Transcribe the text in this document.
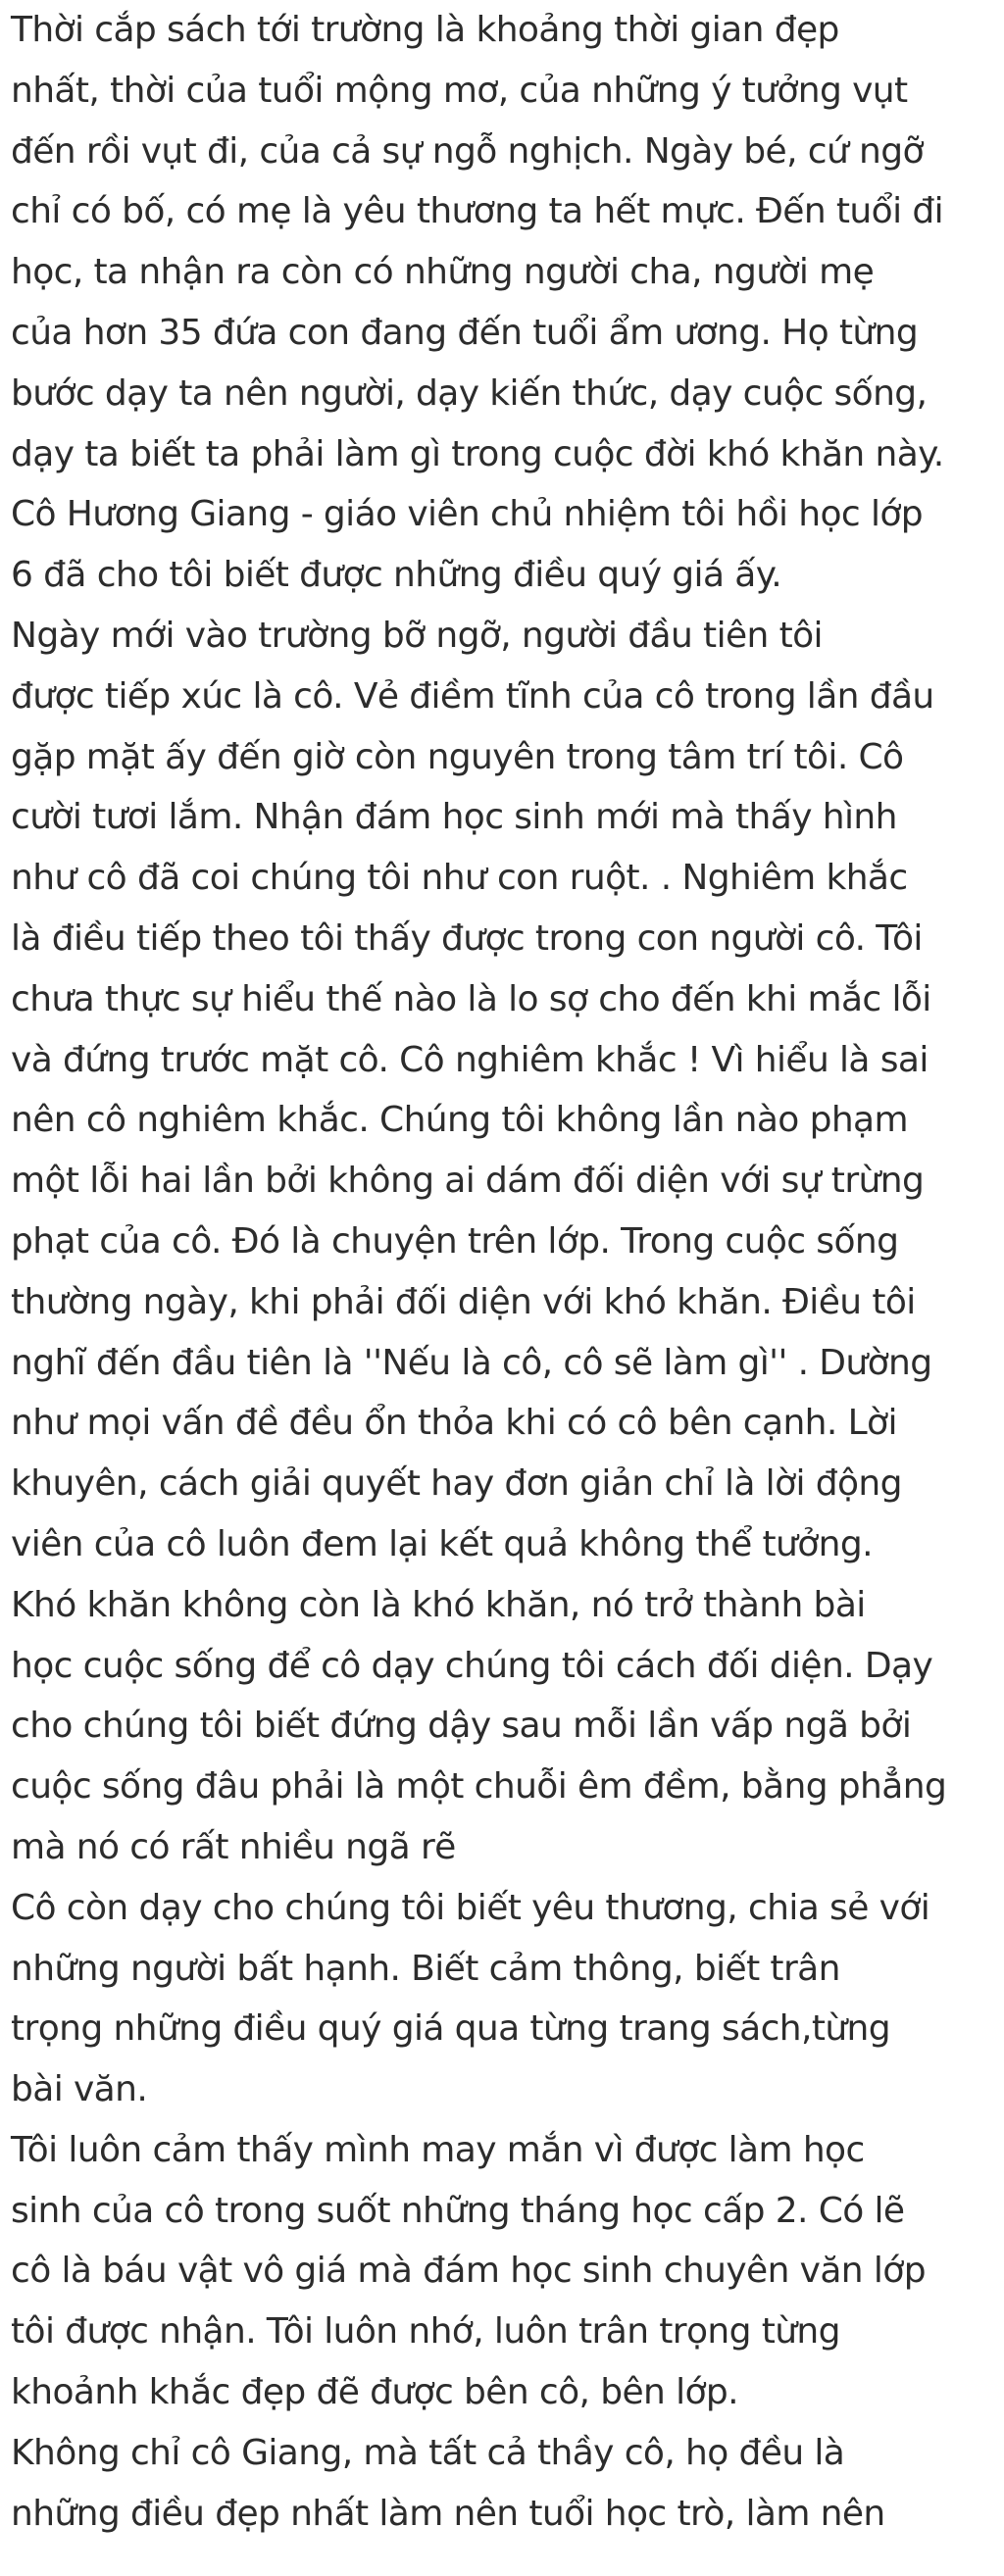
Thời cắp sách tới trường là khoảng thời gian đẹp
nhất, thời của tuổi mộng mơ, của những ý tưởng vụt
đến rồi vụt đi, của cả sự ngỗ nghịch. Ngày bé, cứ ngỡ
chỉ có bố, có mẹ là yêu thương ta hết mực. Đến tuổi đi
học, ta nhận ra còn có những người cha, người mẹ
của hơn 35 đứa con đang đến tuổi ẩm ương. Họ từng
bước dạy ta nên người, dạy kiến thức, dạy cuộc sống,
dạy ta biết ta phải làm gì trong cuộc đời khó khăn này.
Cô Hương Giang - giáo viên chủ nhiệm tôi hồi học lớp
6 đã cho tôi biết được những điều quý giá ấy.
Ngày mới vào trường bỡ ngỡ, người đầu tiên tôi
được tiếp xúc là cô. Vẻ điềm tĩnh của cô trong lần đầu
gặp mặt ấy đến giờ còn nguyên trong tâm trí tôi. Cô
cười tươi lắm. Nhận đám học sinh mới mà thấy hình
như cô đã coi chúng tôi như con ruột. . Nghiêm khắc
là điều tiếp theo tôi thấy được trong con người cô. Tôi
chưa thực sự hiểu thế nào là lo sợ cho đến khi mắc lỗi
và đứng trước mặt cô. Cô nghiêm khắc ! Vì hiểu là sai
nên cô nghiêm khắc. Chúng tôi không lần nào phạm
một lỗi hai lần bởi không ai dám đối diện với sự trừng
phạt của cô. Đó là chuyện trên lớp. Trong cuộc sống
thường ngày, khi phải đối diện với khó khăn. Điều tôi
nghĩ đến đầu tiên là ''Nếu là cô, cô sẽ làm gì'' . Dường
như mọi vấn đề đều ổn thỏa khi có cô bên cạnh. Lời
khuyên, cách giải quyết hay đơn giản chỉ là lời động
viên của cô luôn đem lại kết quả không thể tưởng.
Khó khăn không còn là khó khăn, nó trở thành bài
học cuộc sống để cô dạy chúng tôi cách đối diện. Dạy
cho chúng tôi biết đứng dậy sau mỗi lần vấp ngã bởi
cuộc sống đâu phải là một chuỗi êm đềm, bằng phẳng
mà nó có rất nhiều ngã rẽ
Cô còn dạy cho chúng tôi biết yêu thương, chia sẻ với
những người bất hạnh. Biết cảm thông, biết trân
trọng những điều quý giá qua từng trang sách,từng
bài văn.
Tôi luôn cảm thấy mình may mắn vì được làm học
sinh của cô trong suốt những tháng học cấp 2. Có lẽ
cô là báu vật vô giá mà đám học sinh chuyên văn lớp
tôi được nhận. Tôi luôn nhớ, luôn trân trọng từng
khoảnh khắc đẹp đẽ được bên cô, bên lớp.
Không chỉ cô Giang, mà tất cả thầy cô, họ đều là
những điều đẹp nhất làm nên tuổi học trò, làm nên
